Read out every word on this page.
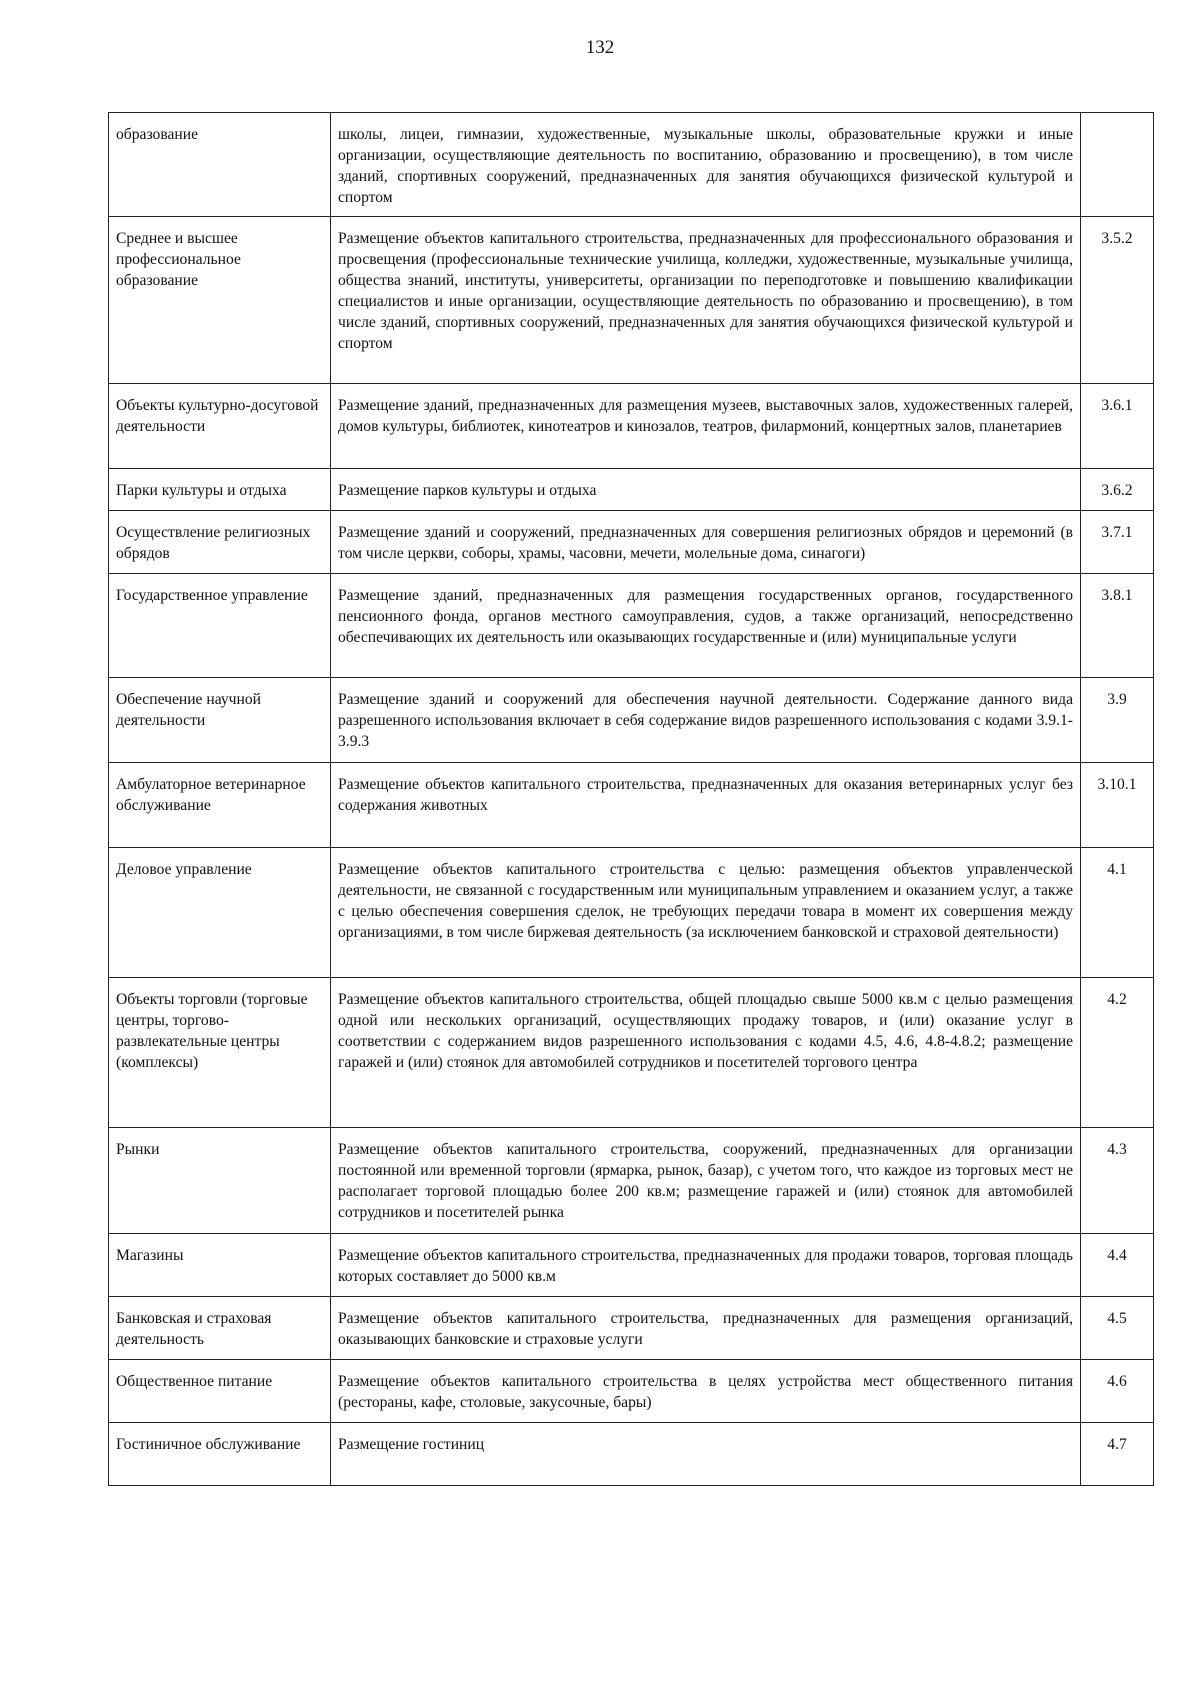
132
образование	школы, лицеи, гимназии, художественные, музыкальные школы, образовательные кружки и иные организации, осуществляющие деятельность по воспитанию, образованию и просвещению), в том числе зданий, спортивных сооружений, предназначенных для занятия обучающихся физической культурой и спортом	
Среднее и высшее профессиональное образование	Размещение объектов капитального строительства, предназначенных для профессионального образования и просвещения (профессиональные технические училища, колледжи, художественные, музыкальные училища, общества знаний, институты, университеты, организации по переподготовке и повышению квалификации специалистов и иные организации, осуществляющие деятельность по образованию и просвещению), в том числе зданий, спортивных сооружений, предназначенных для занятия обучающихся физической культурой и спортом	3.5.2
Объекты культурно-досуговой деятельности	Размещение зданий, предназначенных для размещения музеев, выставочных залов, художественных галерей, домов культуры, библиотек, кинотеатров и кинозалов, театров, филармоний, концертных залов, планетариев	3.6.1
Парки культуры и отдыха	Размещение парков культуры и отдыха	3.6.2
Осуществление религиозных обрядов	Размещение зданий и сооружений, предназначенных для совершения религиозных обрядов и церемоний (в том числе церкви, соборы, храмы, часовни, мечети, молельные дома, синагоги)	3.7.1
Государственное управление	Размещение зданий, предназначенных для размещения государственных органов, государственного пенсионного фонда, органов местного самоуправления, судов, а также организаций, непосредственно обеспечивающих их деятельность или оказывающих государственные и (или) муниципальные услуги	3.8.1
Обеспечение научной деятельности	Размещение зданий и сооружений для обеспечения научной деятельности. Содержание данного вида разрешенного использования включает в себя содержание видов разрешенного использования с кодами 3.9.1-3.9.3	3.9
Амбулаторное ветеринарное обслуживание	Размещение объектов капитального строительства, предназначенных для оказания ветеринарных услуг без содержания животных	3.10.1
Деловое управление	Размещение объектов капитального строительства с целью: размещения объектов управленческой деятельности, не связанной с государственным или муниципальным управлением и оказанием услуг, а также с целью обеспечения совершения сделок, не требующих передачи товара в момент их совершения между организациями, в том числе биржевая деятельность (за исключением банковской и страховой деятельности)	4.1
Объекты торговли (торговые центры, торгово-развлекательные центры (комплексы)	Размещение объектов капитального строительства, общей площадью свыше 5000 кв.м с целью размещения одной или нескольких организаций, осуществляющих продажу товаров, и (или) оказание услуг в соответствии с содержанием видов разрешенного использования с кодами 4.5, 4.6, 4.8-4.8.2; размещение гаражей и (или) стоянок для автомобилей сотрудников и посетителей торгового центра	4.2
Рынки	Размещение объектов капитального строительства, сооружений, предназначенных для организации постоянной или временной торговли (ярмарка, рынок, базар), с учетом того, что каждое из торговых мест не располагает торговой площадью более 200 кв.м; размещение гаражей и (или) стоянок для автомобилей сотрудников и посетителей рынка	4.3
Магазины	Размещение объектов капитального строительства, предназначенных для продажи товаров, торговая площадь которых составляет до 5000 кв.м	4.4
Банковская и страховая деятельность	Размещение объектов капитального строительства, предназначенных для размещения организаций, оказывающих банковские и страховые услуги	4.5
Общественное питание	Размещение объектов капитального строительства в целях устройства мест общественного питания (рестораны, кафе, столовые, закусочные, бары)	4.6
Гостиничное обслуживание	Размещение гостиниц	4.7
